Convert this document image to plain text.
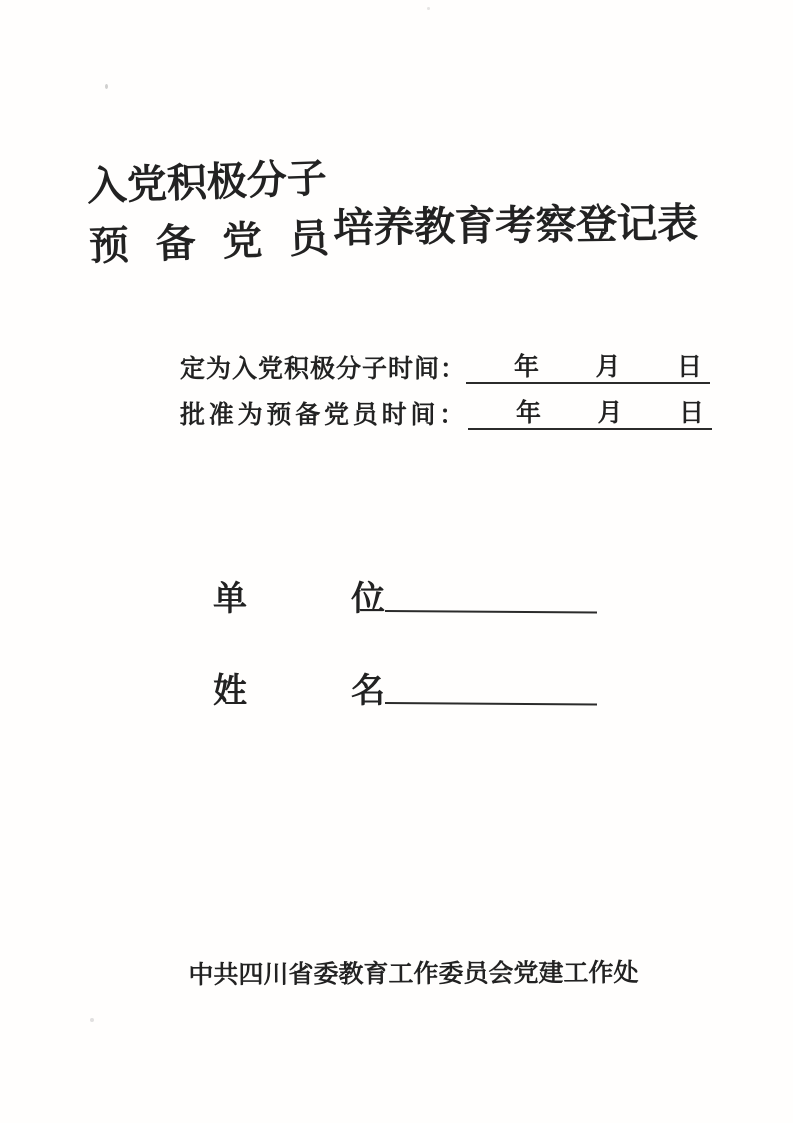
入党积极分子
预 备 党 员 培养教育考察登记表
定为入党积极分子时间： 年 月 日
批准为预备党员时间： 年 月 日
单	位
姓	名
中共四川省委教育工作委员会党建工作处
